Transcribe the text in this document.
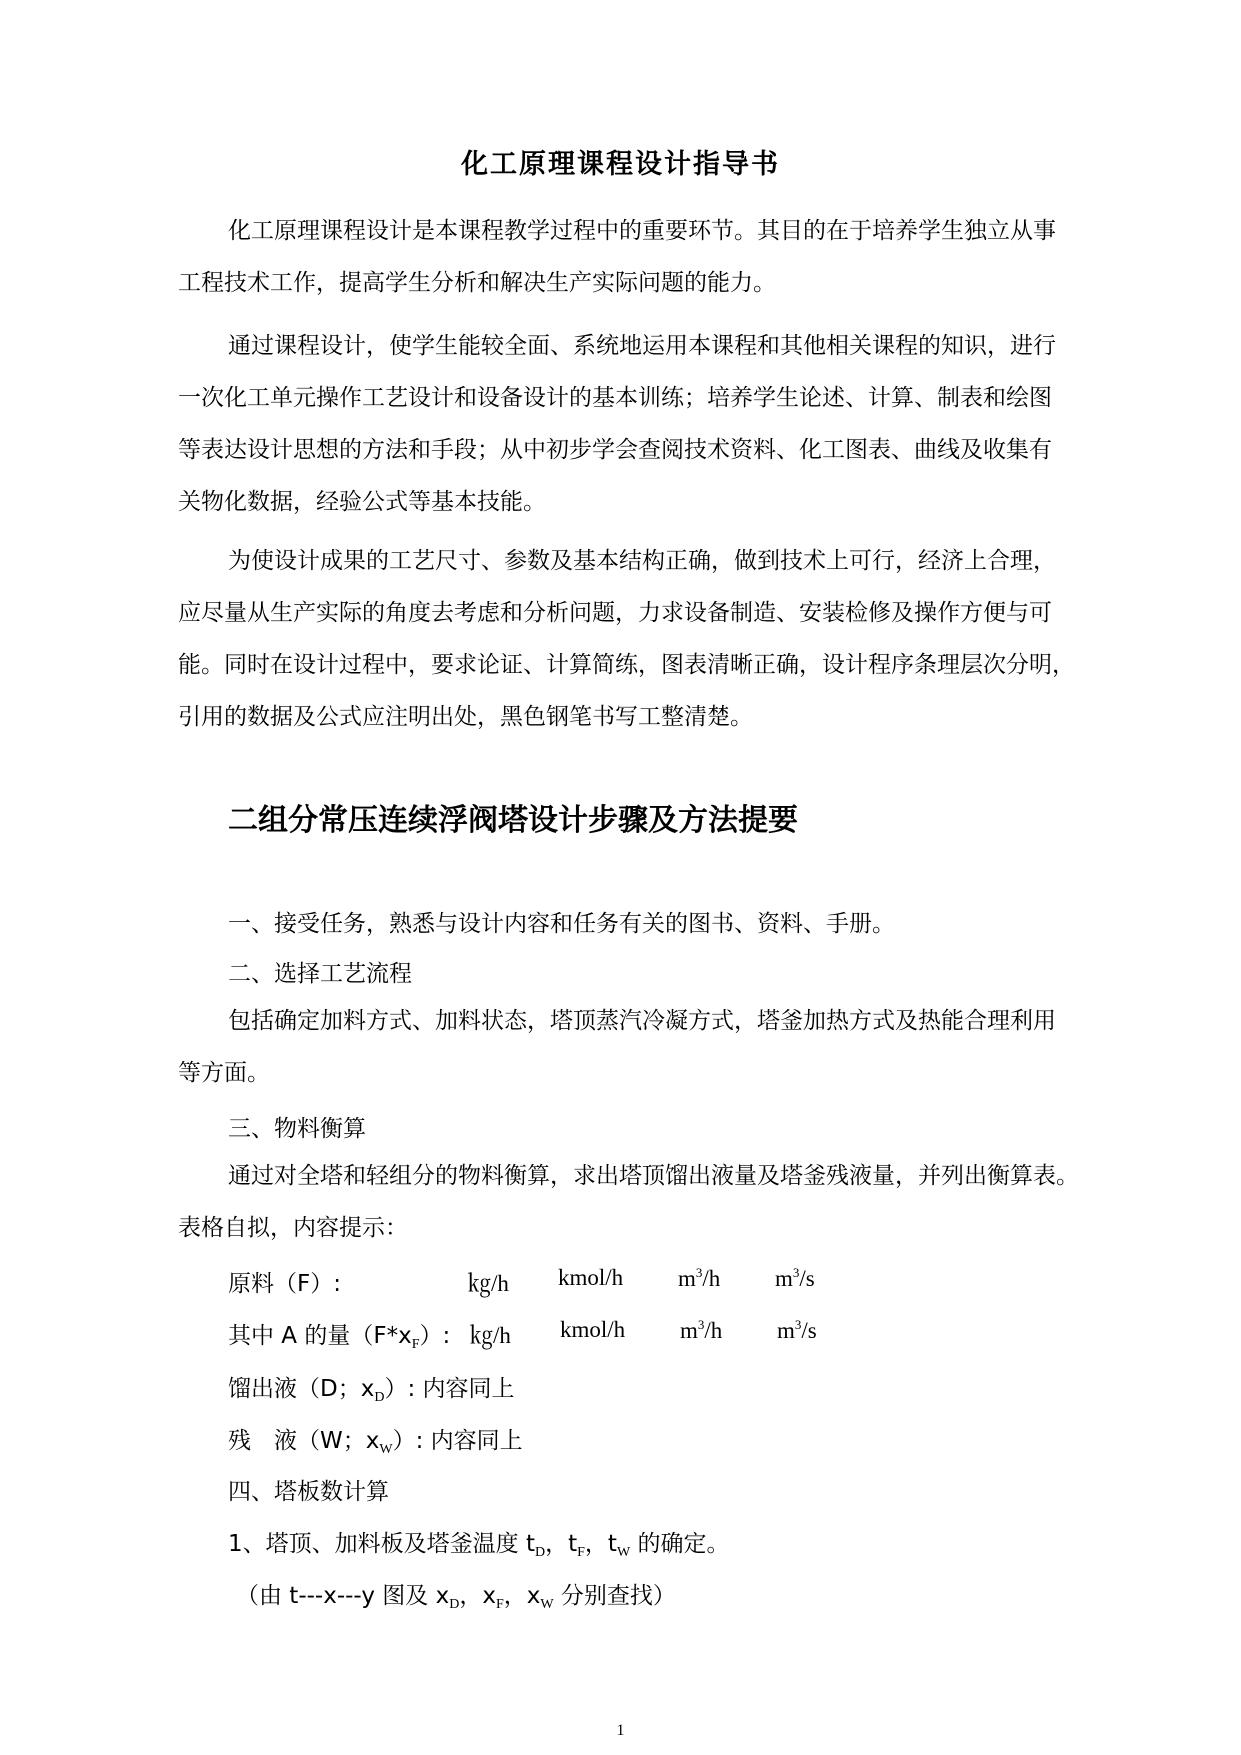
化工原理课程设计指导书
化工原理课程设计是本课程教学过程中的重要环节。其目的在于培养学生独立从事
工程技术工作，提高学生分析和解决生产实际问题的能力。
通过课程设计，使学生能较全面、系统地运用本课程和其他相关课程的知识，进行
一次化工单元操作工艺设计和设备设计的基本训练；培养学生论述、计算、制表和绘图
等表达设计思想的方法和手段；从中初步学会查阅技术资料、化工图表、曲线及收集有
关物化数据，经验公式等基本技能。
为使设计成果的工艺尺寸、参数及基本结构正确，做到技术上可行，经济上合理，
应尽量从生产实际的角度去考虑和分析问题，力求设备制造、安装检修及操作方便与可
能。同时在设计过程中，要求论证、计算简练，图表清晰正确，设计程序条理层次分明，
引用的数据及公式应注明出处，黑色钢笔书写工整清楚。
二组分常压连续浮阀塔设计步骤及方法提要
一、接受任务，熟悉与设计内容和任务有关的图书、资料、手册。
二、选择工艺流程
包括确定加料方式、加料状态，塔顶蒸汽冷凝方式，塔釜加热方式及热能合理利用
等方面。
三、物料衡算
通过对全塔和轻组分的物料衡算，求出塔顶馏出液量及塔釜残液量，并列出衡算表。
表格自拟，内容提示：
原料（F）:	㎏/h kmol/h $m^3/h$ $m^3/s$
其中 A 的量$(F*x_F)$: ㎏/h kmol/h $m^3/h$ $m^3/s$
馏出液（D；$x_D$）: 内容同上
残　液（W；$x_W$）: 内容同上
四、塔板数计算
1、塔顶、加料板及塔釜温度 $t_D$，$t_F$，$t_W$ 的确定。
（由 t---x---y 图及 $x_D$，$x_F$，$x_W$ 分别查找）
1
